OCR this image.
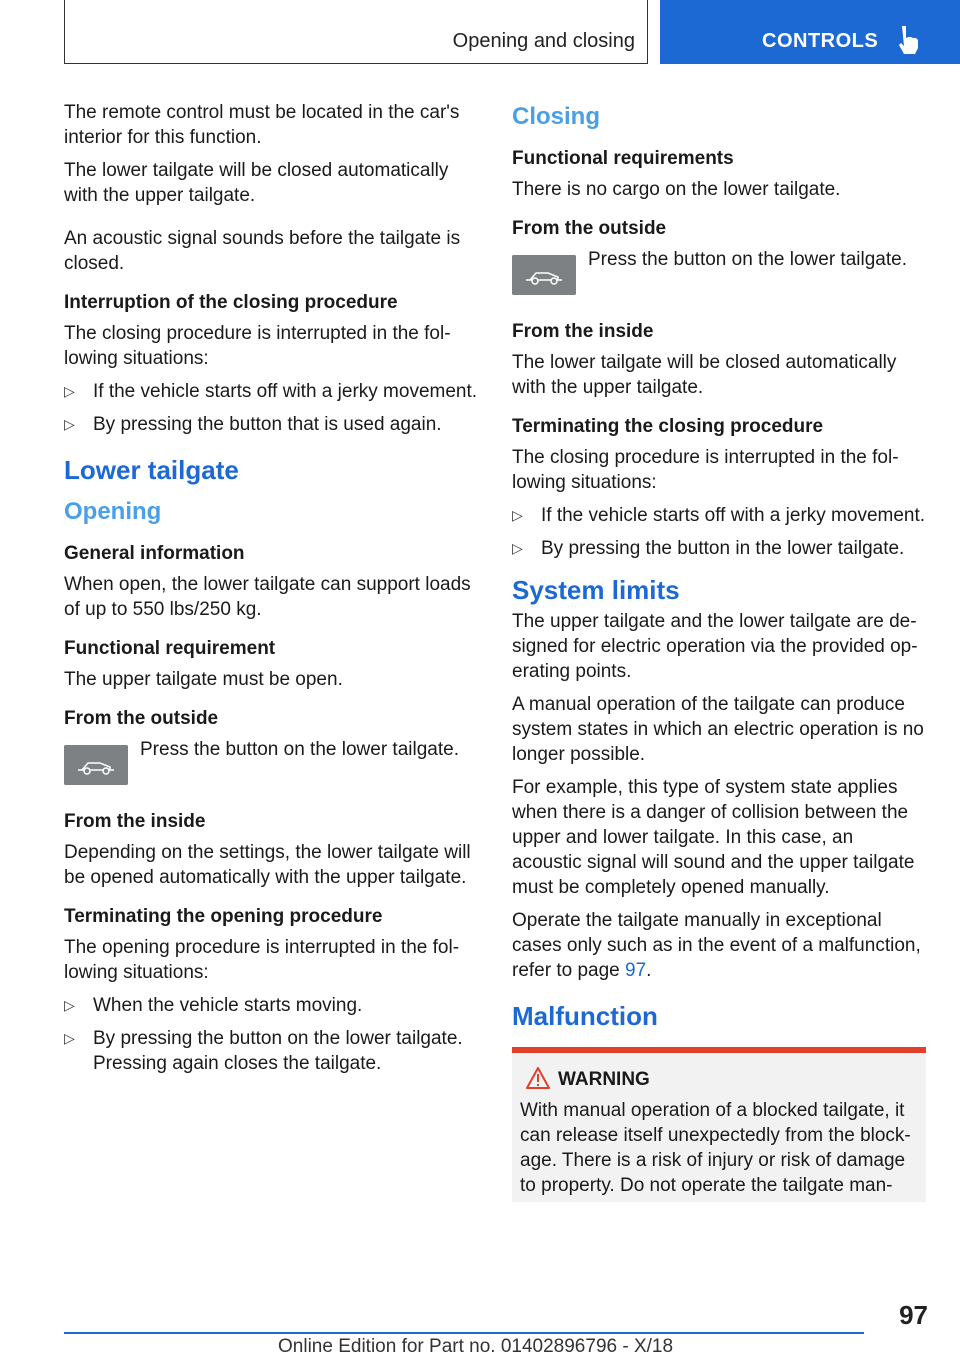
Opening and closing	CONTROLS

The remote control must be located in the car's interior for this function.

The lower tailgate will be closed automatically with the upper tailgate.

An acoustic signal sounds before the tailgate is closed.

Interruption of the closing procedure

The closing procedure is interrupted in the fol‐lowing situations:

▷ If the vehicle starts off with a jerky movement.
▷ By pressing the button that is used again.
Lower tailgate
Opening
General information

When open, the lower tailgate can support loads of up to 550 lbs/250 kg.

Functional requirement

The upper tailgate must be open.

From the outside

Press the button on the lower tailgate.

From the inside

Depending on the settings, the lower tailgate will be opened automatically with the upper tailgate.

Terminating the opening procedure

The opening procedure is interrupted in the fol‐lowing situations:

▷ When the vehicle starts moving.
▷ By pressing the button on the lower tailgate. Pressing again closes the tailgate.
Closing
Functional requirements

There is no cargo on the lower tailgate.

From the outside

Press the button on the lower tailgate.

From the inside

The lower tailgate will be closed automatically with the upper tailgate.

Terminating the closing procedure

The closing procedure is interrupted in the fol‐lowing situations:

▷ If the vehicle starts off with a jerky movement.
▷ By pressing the button in the lower tailgate.
System limits

The upper tailgate and the lower tailgate are de‐signed for electric operation via the provided op‐erating points.

A manual operation of the tailgate can produce system states in which an electric operation is no longer possible.

For example, this type of system state applies when there is a danger of collision between the upper and lower tailgate. In this case, an acoustic signal will sound and the upper tailgate must be completely opened manually.

Operate the tailgate manually in exceptional cases only such as in the event of a malfunction, refer to page 97.

Malfunction
WARNING

With manual operation of a blocked tailgate, it can release itself unexpectedly from the block‐age. There is a risk of injury or risk of damage to property. Do not operate the tailgate man‐

97
Online Edition for Part no. 01402896796 - X/18
